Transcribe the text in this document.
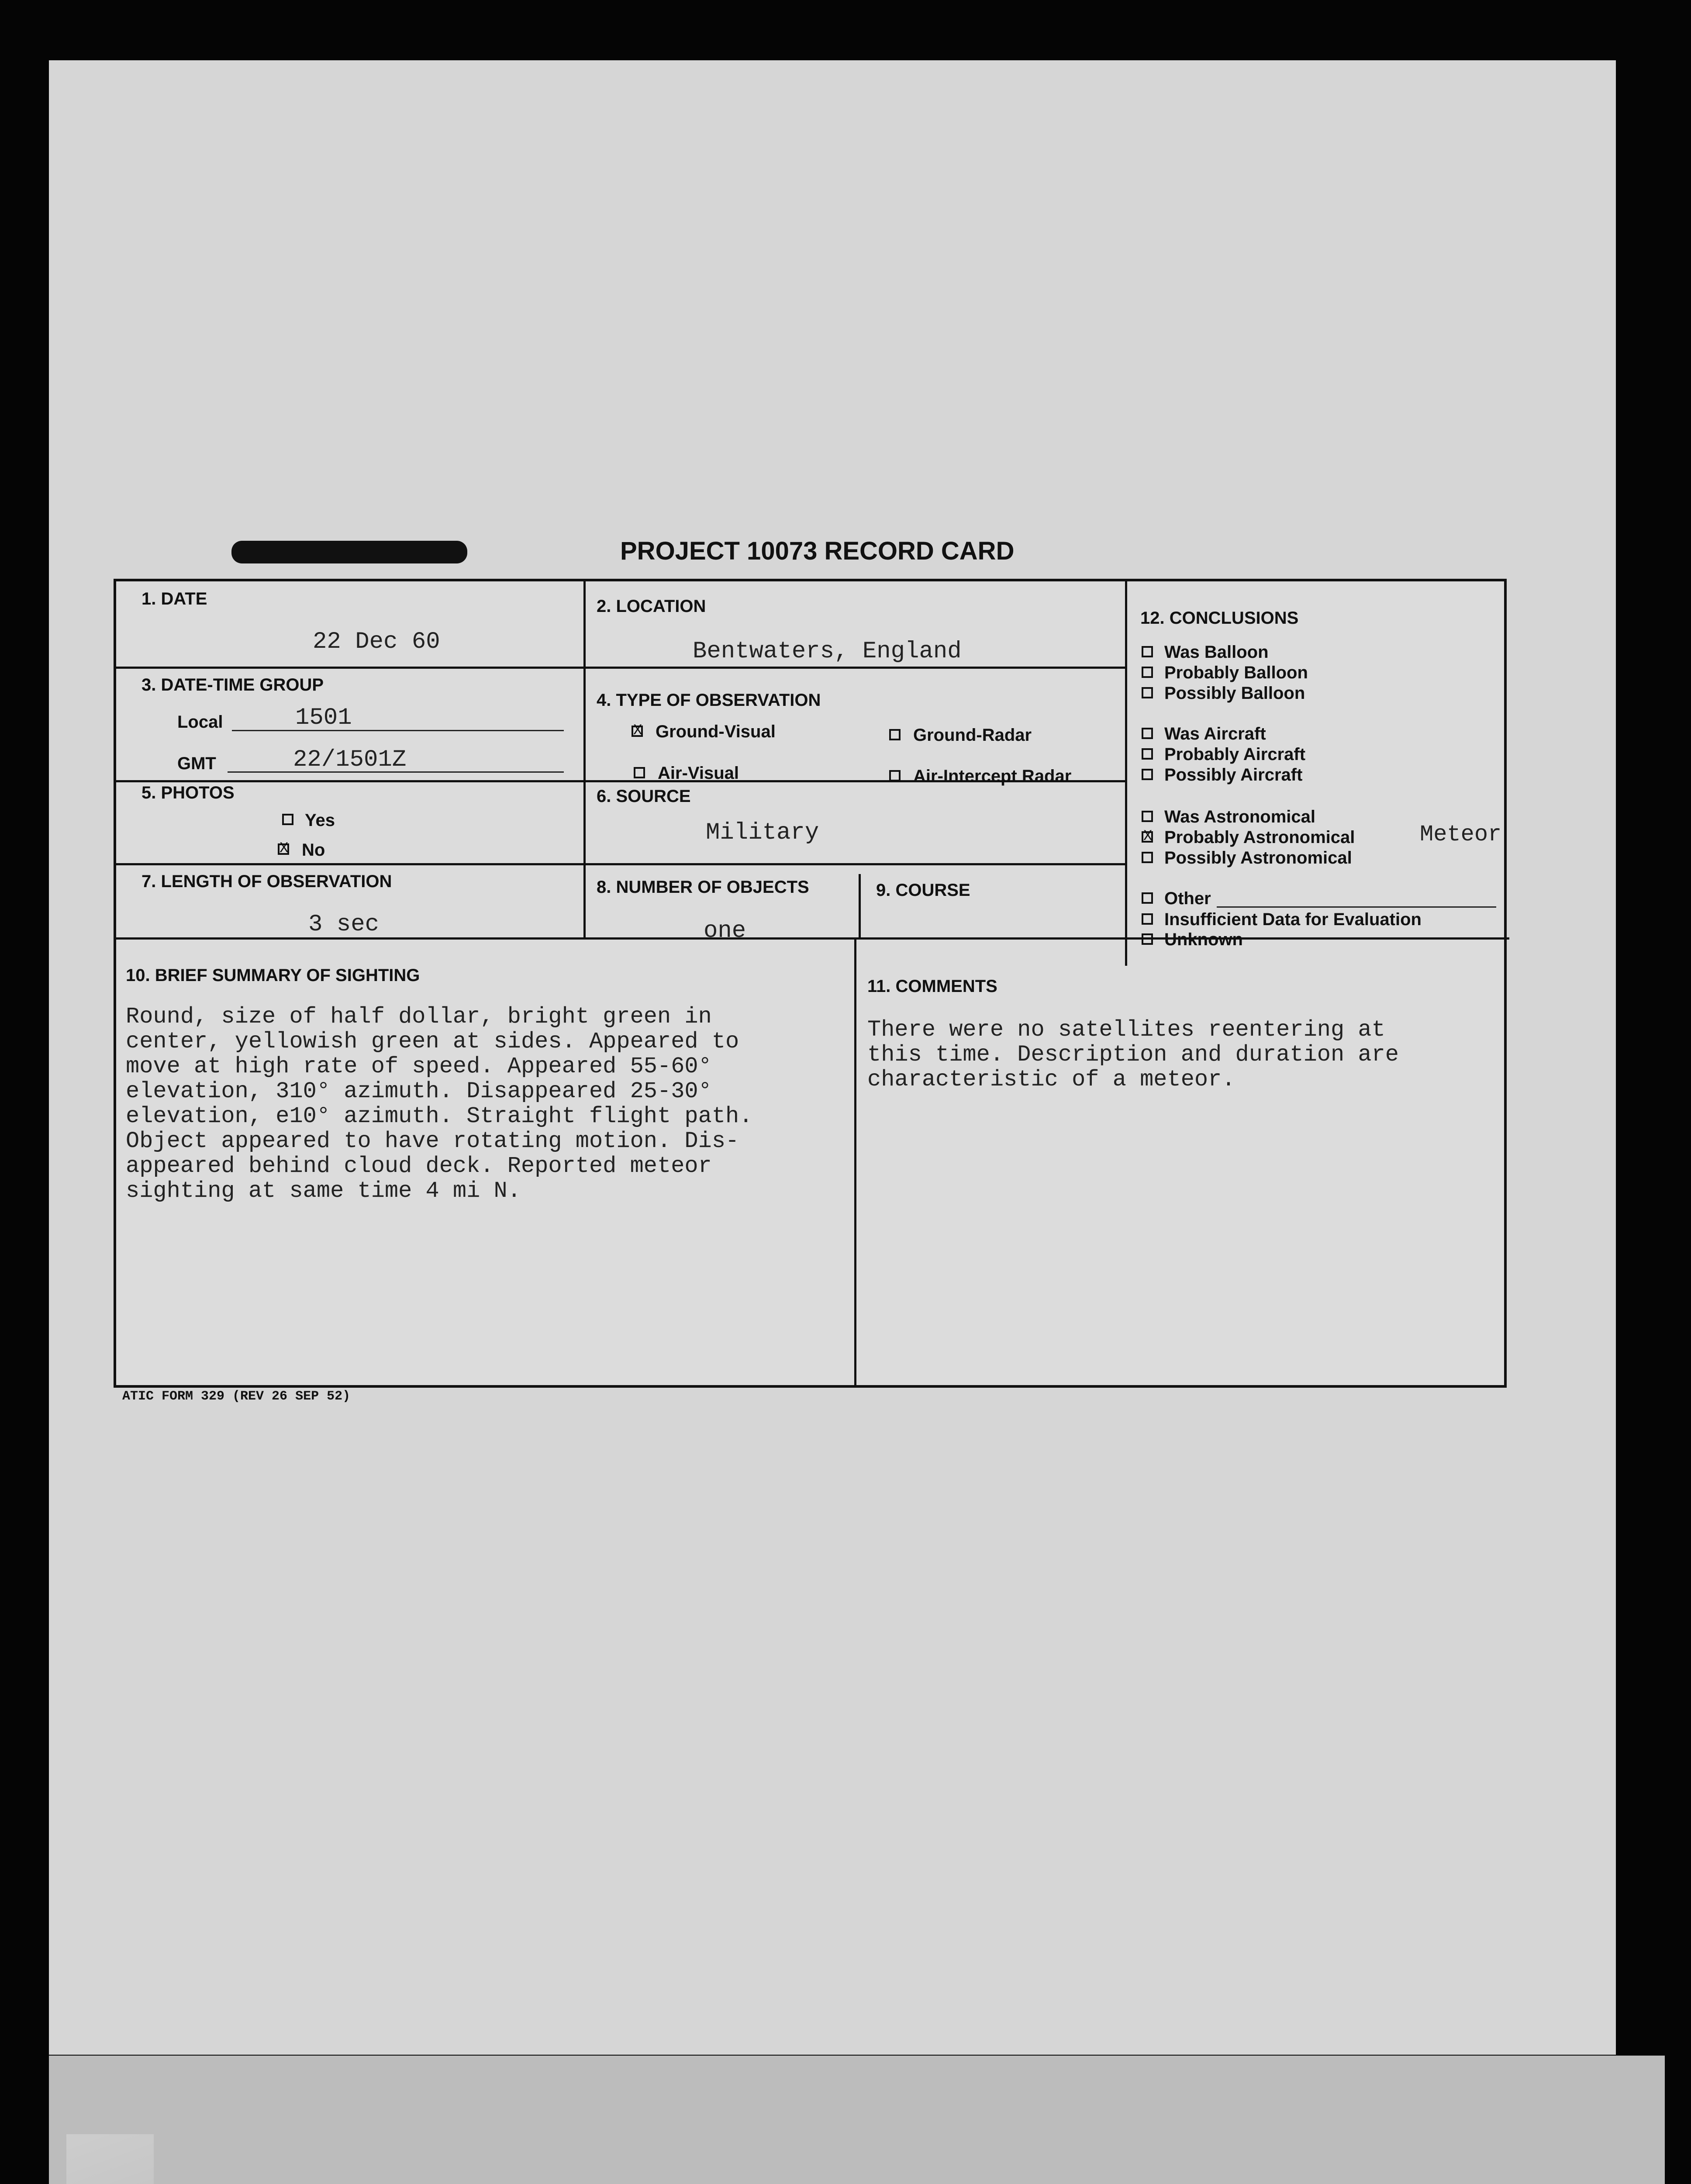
PROJECT 10073 RECORD CARD
1. DATE
22 Dec 60
2. LOCATION
Bentwaters, England
3. DATE-TIME GROUP
Local	1501
GMT	22/1501Z
4. TYPE OF OBSERVATION
X Ground-Visual	Ground-Radar
Air-Visual	Air-Intercept Radar
5. PHOTOS
Yes
X No
6. SOURCE
Military
7. LENGTH OF OBSERVATION
3 sec
8. NUMBER OF OBJECTS
one
9. COURSE
12. CONCLUSIONS
Was Balloon
Probably Balloon
Possibly Balloon
Was Aircraft
Probably Aircraft
Possibly Aircraft
Was Astronomical
X Probably Astronomical	Meteor
Possibly Astronomical
Other
Insufficient Data for Evaluation
Unknown
10. BRIEF SUMMARY OF SIGHTING
Round, size of half dollar, bright green in
center, yellowish green at sides. Appeared to
move at high rate of speed. Appeared 55-60°
elevation, 310° azimuth. Disappeared 25-30°
elevation, e10° azimuth. Straight flight path.
Object appeared to have rotating motion. Dis-
appeared behind cloud deck. Reported meteor
sighting at same time 4 mi N.
11. COMMENTS
There were no satellites reentering at
this time. Description and duration are
characteristic of a meteor.
ATIC FORM 329 (REV 26 SEP 52)
